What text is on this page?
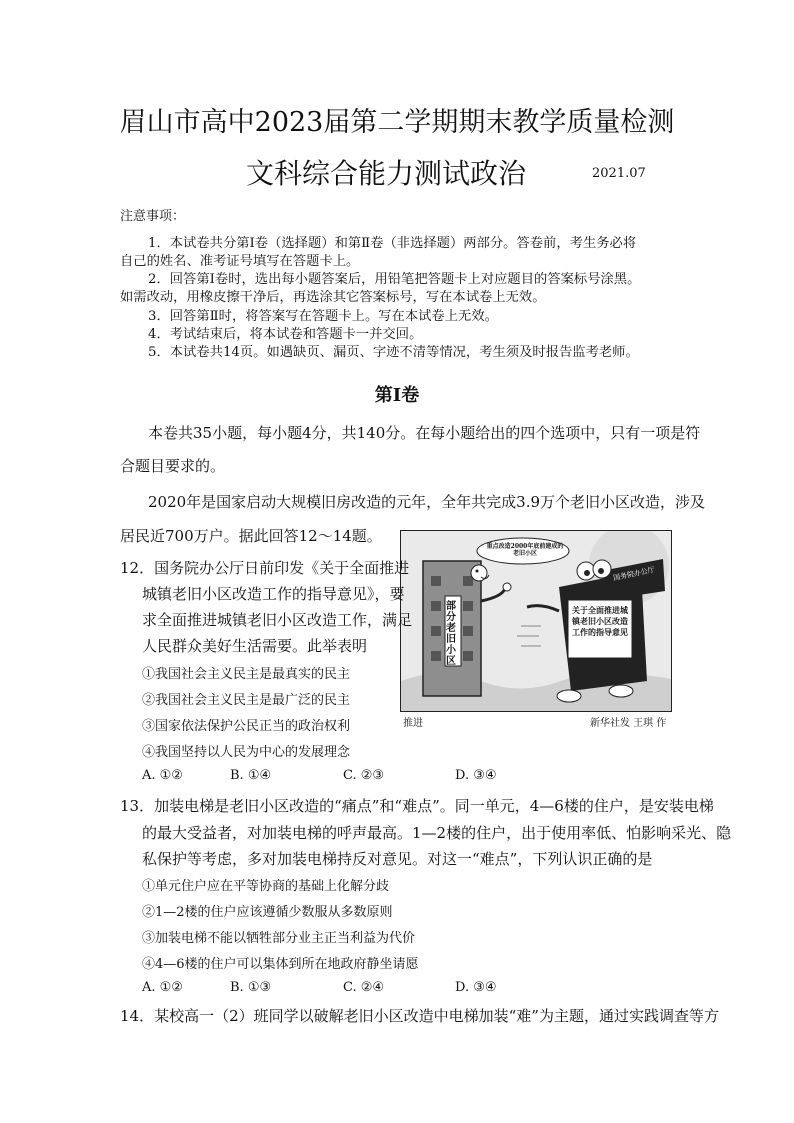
眉山市高中2023届第二学期期末教学质量检测
文科综合能力测试政治	2021.07
注意事项：
1．本试卷共分第Ⅰ卷（选择题）和第Ⅱ卷（非选择题）两部分。答卷前，考生务必将
自己的姓名、准考证号填写在答题卡上。
2．回答第Ⅰ卷时，选出每小题答案后，用铅笔把答题卡上对应题目的答案标号涂黑。
如需改动，用橡皮擦干净后，再选涂其它答案标号，写在本试卷上无效。
3．回答第Ⅱ时，将答案写在答题卡上。写在本试卷上无效。
4．考试结束后，将本试卷和答题卡一并交回。
5．本试卷共14页。如遇缺页、漏页、字迹不清等情况，考生须及时报告监考老师。
第Ⅰ卷
本卷共35小题，每小题4分，共140分。在每小题给出的四个选项中，只有一项是符
合题目要求的。
2020年是国家启动大规模旧房改造的元年，全年共完成3.9万个老旧小区改造，涉及
居民近700万户。据此回答12～14题。
重点改造2000年底前建成的老旧小区
部分老旧小区
关于全面推进城镇老旧小区改造工作的指导意见
国务院办公厅
推进	新华社发 王琪 作
12．国务院办公厅日前印发《关于全面推进
城镇老旧小区改造工作的指导意见》，要
求全面推进城镇老旧小区改造工作，满足
人民群众美好生活需要。此举表明
①我国社会主义民主是最真实的民主
②我国社会主义民主是最广泛的民主
③国家依法保护公民正当的政治权利
④我国坚持以人民为中心的发展理念
A. ①②	B. ①④	C. ②③	D. ③④
13．加装电梯是老旧小区改造的“痛点”和“难点”。同一单元，4—6楼的住户，是安装电梯
的最大受益者，对加装电梯的呼声最高。1—2楼的住户，出于使用率低、怕影响采光、隐
私保护等考虑，多对加装电梯持反对意见。对这一“难点”，下列认识正确的是
①单元住户应在平等协商的基础上化解分歧
②1—2楼的住户应该遵循少数服从多数原则
③加装电梯不能以牺牲部分业主正当利益为代价
④4—6楼的住户可以集体到所在地政府静坐请愿
A. ①②	B. ①③	C. ②④	D. ③④
14．某校高一（2）班同学以破解老旧小区改造中电梯加装“难”为主题，通过实践调查等方
